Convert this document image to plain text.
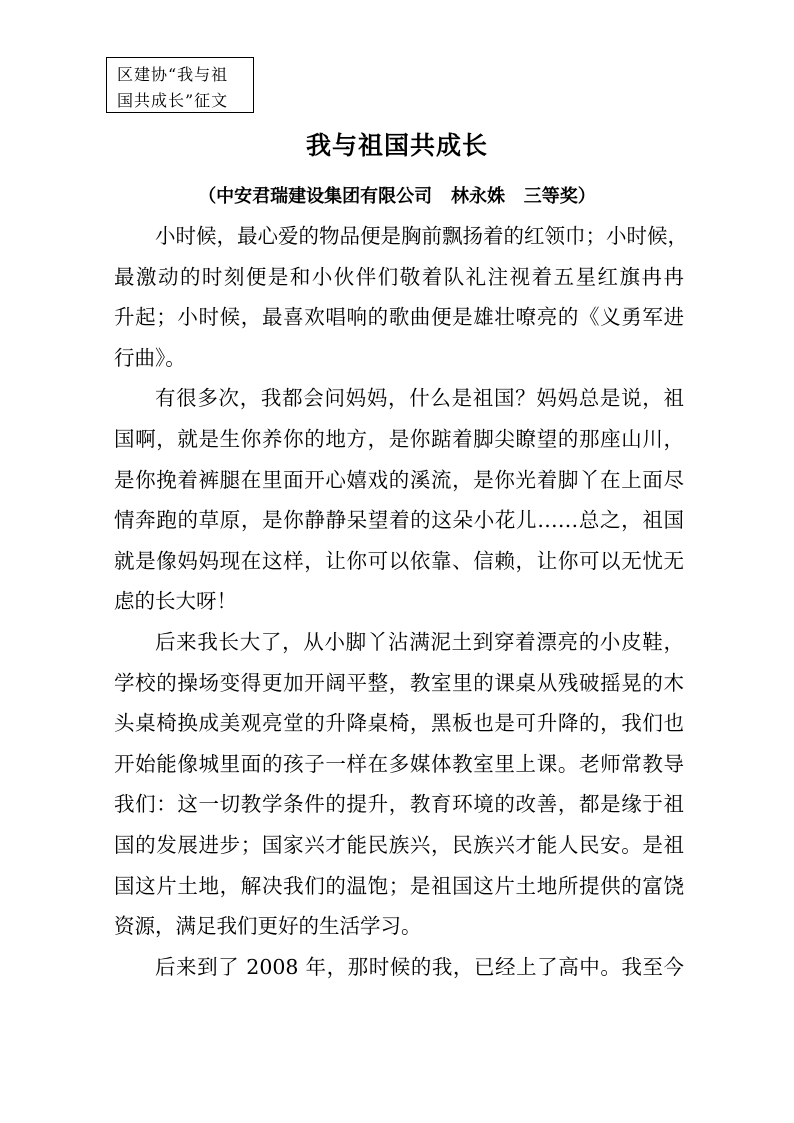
区建协“我与祖
国共成长”征文
我与祖国共成长
（中安君瑞建设集团有限公司   林永姝   三等奖）
小时候，最心爱的物品便是胸前飘扬着的红领巾；小时候，
最激动的时刻便是和小伙伴们敬着队礼注视着五星红旗冉冉
升起；小时候，最喜欢唱响的歌曲便是雄壮嘹亮的《义勇军进
行曲》。
有很多次，我都会问妈妈，什么是祖国？妈妈总是说，祖
国啊，就是生你养你的地方，是你踮着脚尖瞭望的那座山川，
是你挽着裤腿在里面开心嬉戏的溪流，是你光着脚丫在上面尽
情奔跑的草原，是你静静呆望着的这朵小花儿……总之，祖国
就是像妈妈现在这样，让你可以依靠、信赖，让你可以无忧无
虑的长大呀！
后来我长大了，从小脚丫沾满泥土到穿着漂亮的小皮鞋，
学校的操场变得更加开阔平整，教室里的课桌从残破摇晃的木
头桌椅换成美观亮堂的升降桌椅，黑板也是可升降的，我们也
开始能像城里面的孩子一样在多媒体教室里上课。老师常教导
我们：这一切教学条件的提升，教育环境的改善，都是缘于祖
国的发展进步；国家兴才能民族兴，民族兴才能人民安。是祖
国这片土地，解决我们的温饱；是祖国这片土地所提供的富饶
资源，满足我们更好的生活学习。
后来到了 2008 年，那时候的我，已经上了高中。我至今
